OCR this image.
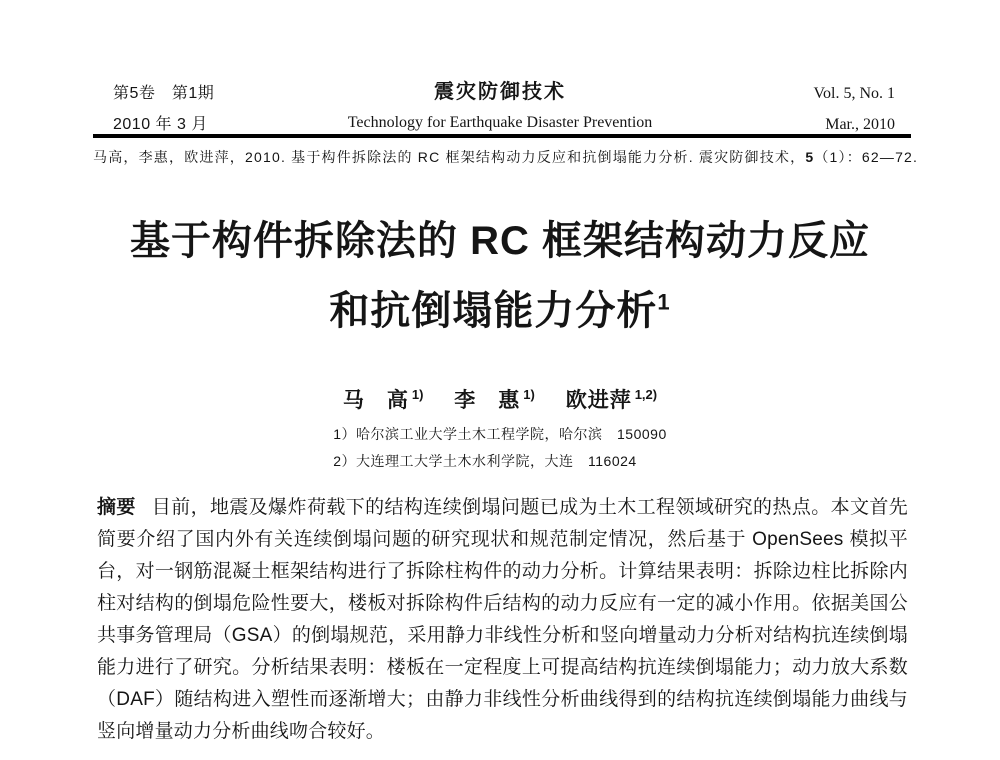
第5卷　第1期
2010 年 3 月
震灾防御技术
Technology for Earthquake Disaster Prevention
Vol. 5, No. 1
Mar., 2010

马高，李惠，欧进萍，2010. 基于构件拆除法的 RC 框架结构动力反应和抗倒塌能力分析. 震灾防御技术，5（1）：62—72.

基于构件拆除法的 RC 框架结构动力反应
和抗倒塌能力分析$^1$
马　高 $^{1)}$ 李　惠 $^{1)}$ 欧进萍 $^{1,2)}$
1）哈尔滨工业大学土木工程学院，哈尔滨　150090
2）大连理工大学土木水利学院，大连　116024

摘要 目前，地震及爆炸荷载下的结构连续倒塌问题已成为土木工程领域研究的热点。本文首先简要介绍了国内外有关连续倒塌问题的研究现状和规范制定情况，然后基于 OpenSees 模拟平台，对一钢筋混凝土框架结构进行了拆除柱构件的动力分析。计算结果表明：拆除边柱比拆除内柱对结构的倒塌危险性要大，楼板对拆除构件后结构的动力反应有一定的减小作用。依据美国公共事务管理局（GSA）的倒塌规范，采用静力非线性分析和竖向增量动力分析对结构抗连续倒塌能力进行了研究。分析结果表明：楼板在一定程度上可提高结构抗连续倒塌能力；动力放大系数（DAF）随结构进入塑性而逐渐增大；由静力非线性分析曲线得到的结构抗连续倒塌能力曲线与竖向增量动力分析曲线吻合较好。
